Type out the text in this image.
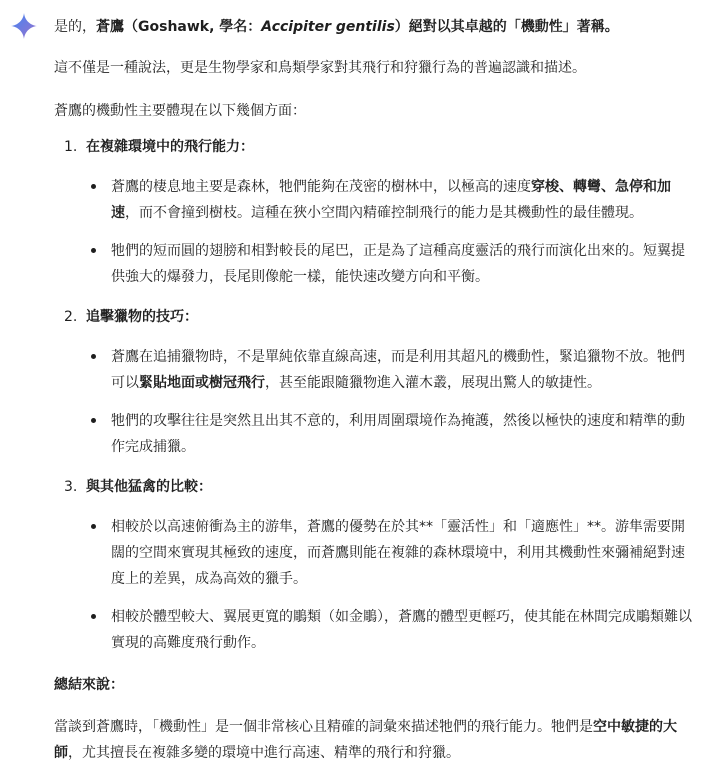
是的，蒼鷹（Goshawk, 學名：Accipiter gentilis）絕對以其卓越的「機動性」著稱。

這不僅是一種說法，更是生物學家和鳥類學家對其飛行和狩獵行為的普遍認識和描述。

蒼鷹的機動性主要體現在以下幾個方面：

1. 在複雜環境中的飛行能力：

蒼鷹的棲息地主要是森林，牠們能夠在茂密的樹林中，以極高的速度穿梭、轉彎、急停和加速，而不會撞到樹枝。這種在狹小空間內精確控制飛行的能力是其機動性的最佳體現。

牠們的短而圓的翅膀和相對較長的尾巴，正是為了這種高度靈活的飛行而演化出來的。短翼提供強大的爆發力，長尾則像舵一樣，能快速改變方向和平衡。

2. 追擊獵物的技巧：

蒼鷹在追捕獵物時，不是單純依靠直線高速，而是利用其超凡的機動性，緊追獵物不放。牠們可以緊貼地面或樹冠飛行，甚至能跟隨獵物進入灌木叢，展現出驚人的敏捷性。

牠們的攻擊往往是突然且出其不意的，利用周圍環境作為掩護，然後以極快的速度和精準的動作完成捕獵。

3. 與其他猛禽的比較：

相較於以高速俯衝為主的游隼，蒼鷹的優勢在於其**「靈活性」和「適應性」**。游隼需要開闊的空間來實現其極致的速度，而蒼鷹則能在複雜的森林環境中，利用其機動性來彌補絕對速度上的差異，成為高效的獵手。

相較於體型較大、翼展更寬的鵰類（如金鵰），蒼鷹的體型更輕巧，使其能在林間完成鵰類難以實現的高難度飛行動作。

總結來說：

當談到蒼鷹時，「機動性」是一個非常核心且精確的詞彙來描述牠們的飛行能力。牠們是空中敏捷的大師，尤其擅長在複雜多變的環境中進行高速、精準的飛行和狩獵。
